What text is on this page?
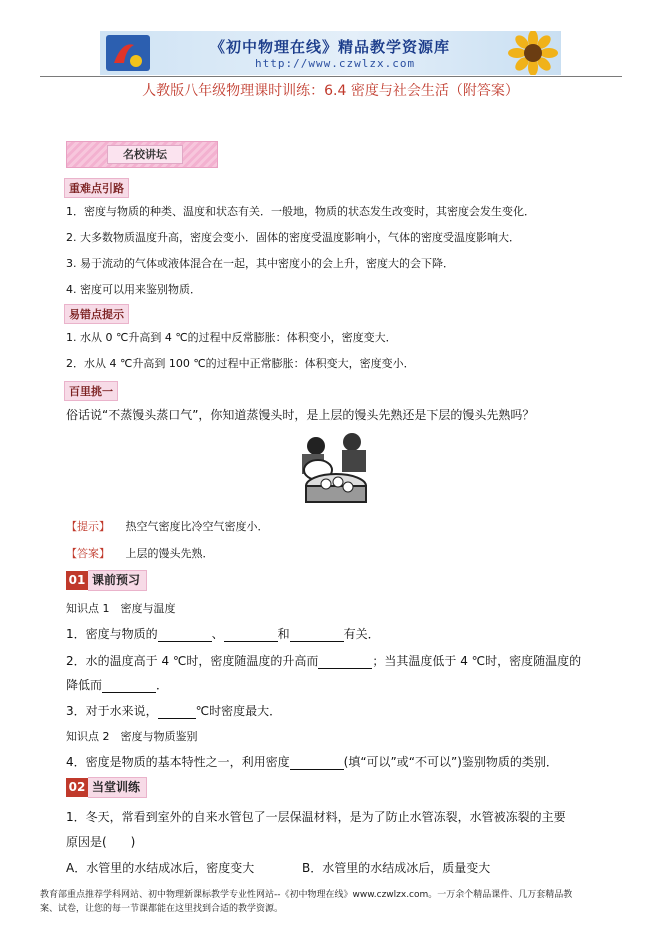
《初中物理在线》精品教学资源库
http://www.czwlzx.com
人教版八年级物理课时训练：6.4 密度与社会生活（附答案）
名校讲坛
重难点引路
1．密度与物质的种类、温度和状态有关．一般地，物质的状态发生改变时，其密度会发生变化．
2. 大多数物质温度升高，密度会变小．固体的密度受温度影响小，气体的密度受温度影响大．
3. 易于流动的气体或液体混合在一起，其中密度小的会上升，密度大的会下降．
4. 密度可以用来鉴别物质．
易错点提示
1. 水从 0 ℃升高到 4 ℃的过程中反常膨胀：体积变小，密度变大．
2．水从 4 ℃升高到 100 ℃的过程中正常膨胀：体积变大，密度变小．
百里挑一
俗话说“不蒸馒头蒸口气”，你知道蒸馒头时，是上层的馒头先熟还是下层的馒头先熟吗？
【提示】 热空气密度比冷空气密度小．
【答案】 上层的馒头先熟．
01 课前预习
知识点 1　密度与温度
1．密度与物质的	、	和	有关．
2．水的温度高于 4 ℃时，密度随温度的升高而	；当其温度低于 4 ℃时，密度随温度的
降低而	．
3．对于水来说，	℃时密度最大．
知识点 2　密度与物质鉴别
4．密度是物质的基本特性之一，利用密度	(填“可以”或“不可以”)鉴别物质的类别．
02 当堂训练
1．冬天，常看到室外的自来水管包了一层保温材料，是为了防止水管冻裂，水管被冻裂的主要
原因是(　　)
A．水管里的水结成冰后，密度变大	B．水管里的水结成冰后，质量变大
教育部重点推荐学科网站、初中物理新课标教学专业性网站--《初中物理在线》www.czwlzx.com。一万余个精品课件、几万套精品教
案、试卷，让您的每一节课都能在这里找到合适的教学资源。
